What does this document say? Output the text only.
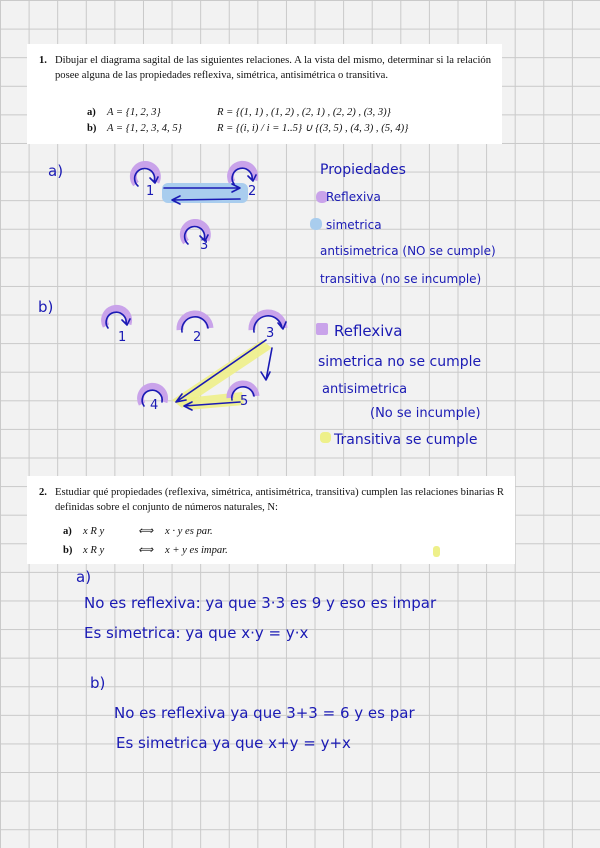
1. Dibujar el diagrama sagital de las siguientes relaciones. A la vista del mismo, determinar si la relación posee alguna de las propiedades reflexiva, simétrica, antisimétrica o transitiva.
a) A = {1, 2, 3}	R = {(1, 1) , (1, 2) , (2, 1) , (2, 2) , (3, 3)}
b) A = {1, 2, 3, 4, 5}	R = {(i, i) / i = 1..5} ∪ {(3, 5) , (4, 3) , (5, 4)}
2. Estudiar qué propiedades (reflexiva, simétrica, antisimétrica, transitiva) cumplen las relaciones binarias R definidas sobre el conjunto de números naturales, N:
a) x R y	⟺ x · y es par.
b) x R y	⟺ x + y es impar.
a)
1	2
3
Propiedades
Reflexiva
simetrica
antisimetrica (NO se cumple)
transitiva (no se incumple)
b)
1	2	3
4	5
Reflexiva
simetrica no se cumple
antisimetrica
(No se incumple)
Transitiva se cumple
a)
No es reflexiva: ya que 3·3 es 9 y eso es impar
Es simetrica: ya que x·y = y·x
b)
No es reflexiva ya que 3+3 = 6 y es par
Es simetrica ya que x+y = y+x
